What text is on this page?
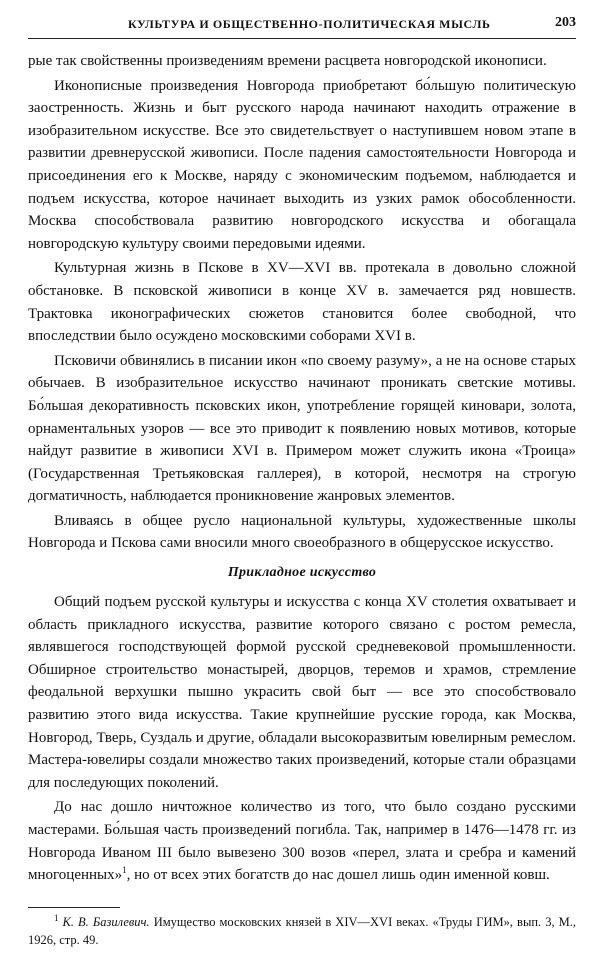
КУЛЬТУРА И ОБЩЕСТВЕННО-ПОЛИТИЧЕСКАЯ МЫСЛЬ	203

рые так свойственны произведениям времени расцвета новгородской иконописи.

Иконописные произведения Новгорода приобретают бо́льшую политическую заостренность. Жизнь и быт русского народа начинают находить отражение в изобразительном искусстве. Все это свидетельствует о наступившем новом этапе в развитии древнерусской живописи. После падения самостоятельности Новгорода и присоединения его к Москве, наряду с экономическим подъемом, наблюдается и подъем искусства, которое начинает выходить из узких рамок обособленности. Москва способствовала развитию новгородского искусства и обогащала новгородскую культуру своими передовыми идеями.

Культурная жизнь в Пскове в XV—XVI вв. протекала в довольно сложной обстановке. В псковской живописи в конце XV в. замечается ряд новшеств. Трактовка иконографических сюжетов становится более свободной, что впоследствии было осуждено московскими соборами XVI в.

Псковичи обвинялись в писании икон «по своему разуму», а не на основе старых обычаев. В изобразительное искусство начинают проникать светские мотивы. Бо́льшая декоративность псковских икон, употребление горящей киновари, золота, орнаментальных узоров — все это приводит к появлению новых мотивов, которые найдут развитие в живописи XVI в. Примером может служить икона «Троица» (Государственная Третьяковская галлерея), в которой, несмотря на строгую догматичность, наблюдается проникновение жанровых элементов.

Вливаясь в общее русло национальной культуры, художественные школы Новгорода и Пскова сами вносили много своеобразного в общерусское искусство.

Прикладное искусство

Общий подъем русской культуры и искусства с конца XV столетия охватывает и область прикладного искусства, развитие которого связано с ростом ремесла, являвшегося господствующей формой русской средневековой промышленности. Обширное строительство монастырей, дворцов, теремов и храмов, стремление феодальной верхушки пышно украсить свой быт — все это способствовало развитию этого вида искусства. Такие крупнейшие русские города, как Москва, Новгород, Тверь, Суздаль и другие, обладали высокоразвитым ювелирным ремеслом. Мастера-ювелиры создали множество таких произведений, которые стали образцами для последующих поколений.

До нас дошло ничтожное количество из того, что было создано русскими мастерами. Бо́льшая часть произведений погибла. Так, например в 1476—1478 гг. из Новгорода Иваном III было вывезено 300 возов «перел, злата и сребра и камений многоценных»$^1$, но от всех этих богатств до нас дошел лишь один именной ковш.

$^1$ К. В. Базилевич. Имущество московских князей в XIV—XVI веках. «Труды ГИМ», вып. 3, М., 1926, стр. 49.
